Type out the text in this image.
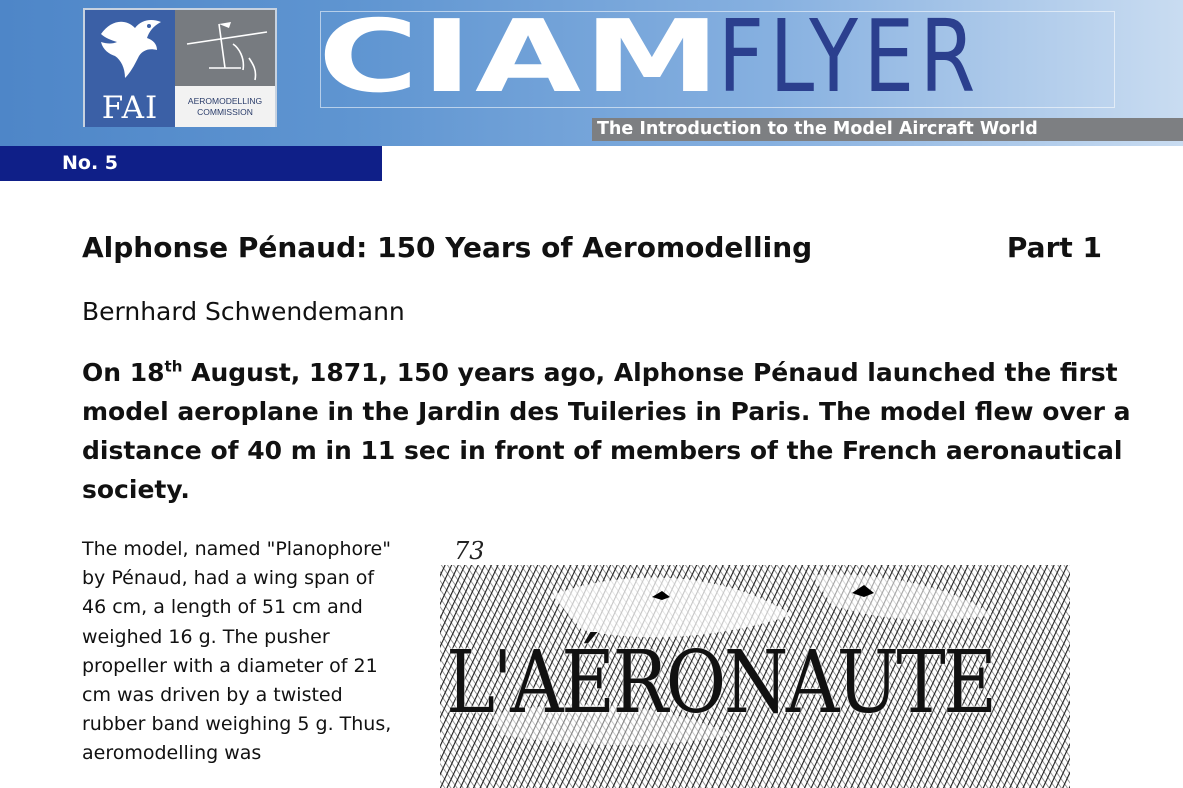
FAI	AEROMODELLING
COMMISSION CIAM
FLYER
The Introduction to the Model Aircraft World
No. 5
Alphonse Pénaud: 150 Years of Aeromodelling	Part 1
Bernhard Schwendemann

On 18th August, 1871, 150 years ago, Alphonse Pénaud launched the first model aeroplane in the Jardin des Tuileries in Paris. The model flew over a distance of 40 m in 11 sec in front of members of the French aeronautical society.

The model, named "Planophore" by Pénaud, had a wing span of 46 cm, a length of 51 cm and weighed 16 g. The pusher propeller with a diameter of 21 cm was driven by a twisted rubber band weighing 5 g. Thus, aeromodelling was

73
L'AÉRONAUTE
